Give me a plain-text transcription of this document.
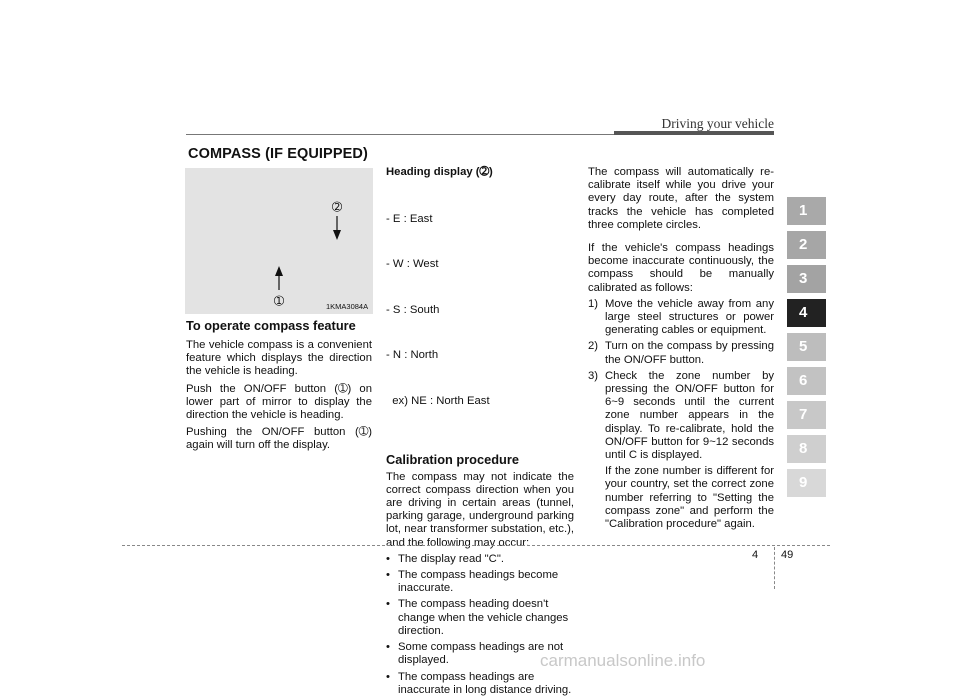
Driving your vehicle
COMPASS (IF EQUIPPED)
➁
➀	1KMA3084A

To operate compass feature

The vehicle compass is a convenient feature which displays the direction the vehicle is heading.

Push the ON/OFF button (➀) on lower part of mirror to display the direction the vehicle is heading.

Pushing the ON/OFF button (➀) again will turn off the display.

Heading display (➁)

- E : East

- W : West

- S : South

- N : North

ex) NE : North East

Calibration procedure

The compass may not indicate the correct compass direction when you are driving in certain areas (tunnel, parking garage, underground parking lot, near transformer substation, etc.), and the following may occur:

• The display read "C".

• The compass headings become inaccurate.

• The compass heading doesn't change when the vehicle changes direction.

• Some compass headings are not displayed.

• The compass headings are inaccurate in long distance driving.

The compass will automatically re-calibrate itself while you drive your every day route, after the system tracks the vehicle has completed three complete circles.

If the vehicle's compass headings become inaccurate continuously, the compass should be manually calibrated as follows:

1) Move the vehicle away from any large steel structures or power generating cables or equipment.
2) Turn on the compass by pressing the ON/OFF button.
3) Check the zone number by pressing the ON/OFF button for 6~9 seconds until the current zone number appears in the display. To re-calibrate, hold the ON/OFF button for 9~12 seconds until C is displayed.

If the zone number is different for your country, set the correct zone number referring to "Setting the compass zone" and perform the "Calibration procedure" again.

1
2
3
4
5
6
7
8
9
4 49
carmanualsonline.info
